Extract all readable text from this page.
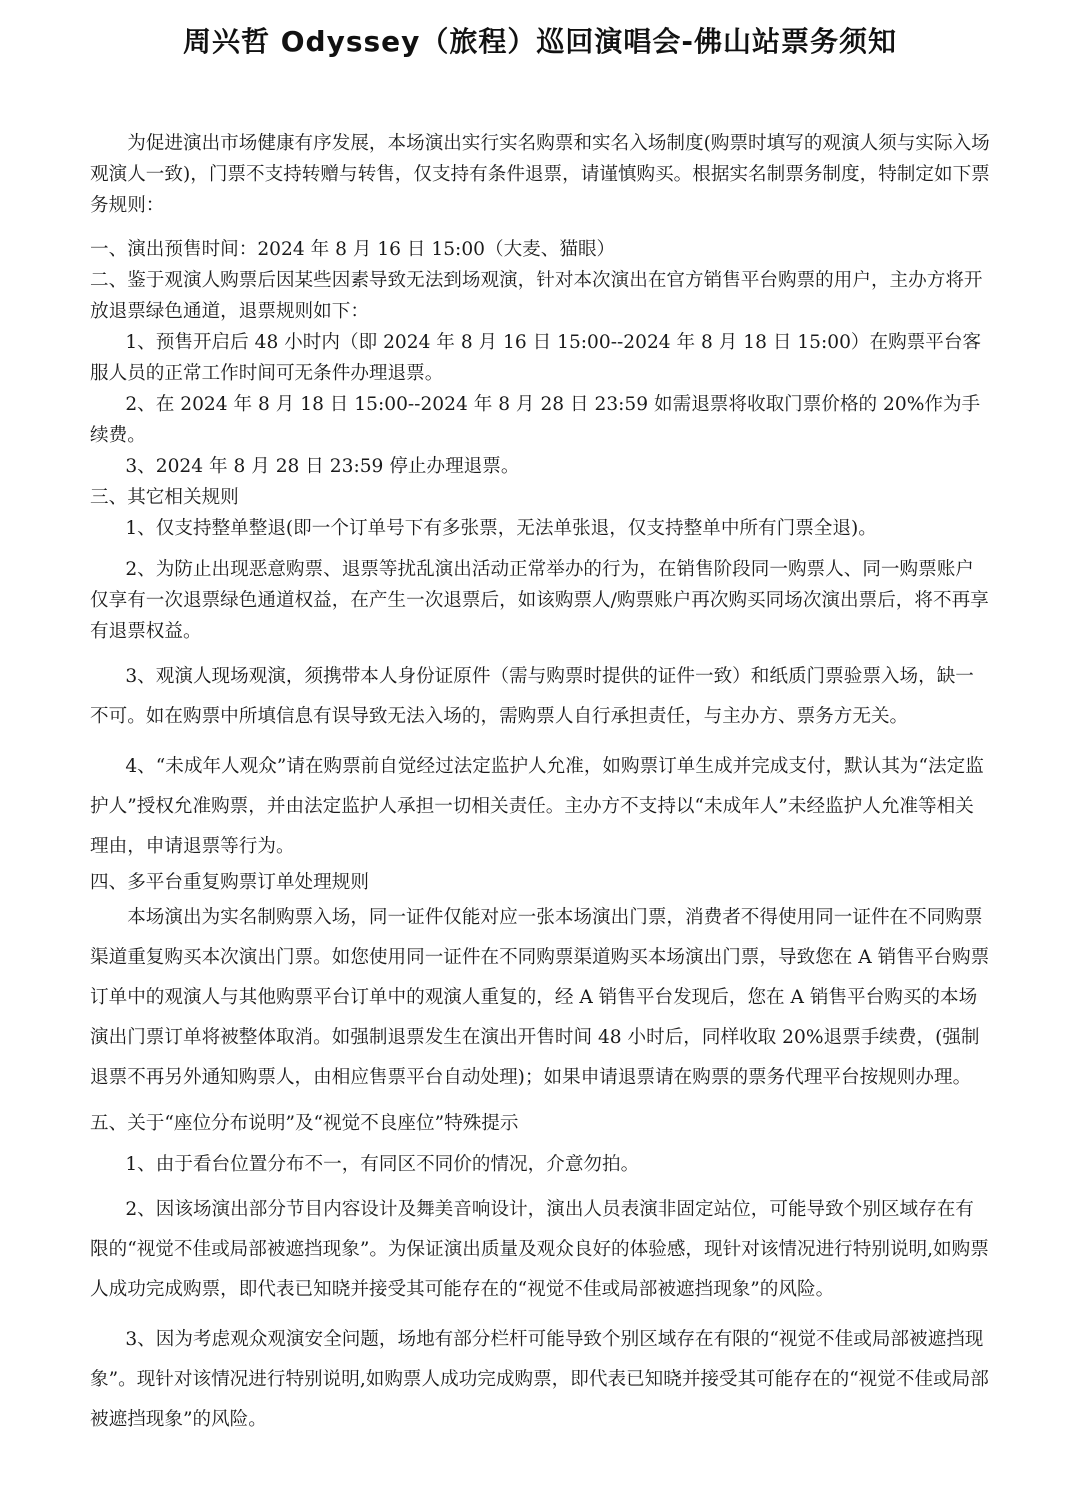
周兴哲 Odyssey（旅程）巡回演唱会-佛山站票务须知

为促进演出市场健康有序发展，本场演出实行实名购票和实名入场制度(购票时填写的观演人须与实际入场观演人一致)，门票不支持转赠与转售，仅支持有条件退票，请谨慎购买。根据实名制票务制度，特制定如下票务规则：

一、演出预售时间：2024 年 8 月 16 日 15:00（大麦、猫眼）

二、鉴于观演人购票后因某些因素导致无法到场观演，针对本次演出在官方销售平台购票的用户，主办方将开放退票绿色通道，退票规则如下：

1、预售开启后 48 小时内（即 2024 年 8 月 16 日 15:00--2024 年 8 月 18 日 15:00）在购票平台客服人员的正常工作时间可无条件办理退票。

2、在 2024 年 8 月 18 日 15:00--2024 年 8 月 28 日 23:59 如需退票将收取门票价格的 20%作为手续费。

3、2024 年 8 月 28 日 23:59 停止办理退票。

三、其它相关规则

1、仅支持整单整退(即一个订单号下有多张票，无法单张退，仅支持整单中所有门票全退)。

2、为防止出现恶意购票、退票等扰乱演出活动正常举办的行为，在销售阶段同一购票人、同一购票账户仅享有一次退票绿色通道权益，在产生一次退票后，如该购票人/购票账户再次购买同场次演出票后，将不再享有退票权益。

3、观演人现场观演，须携带本人身份证原件（需与购票时提供的证件一致）和纸质门票验票入场，缺一不可。如在购票中所填信息有误导致无法入场的，需购票人自行承担责任，与主办方、票务方无关。

4、“未成年人观众”请在购票前自觉经过法定监护人允准，如购票订单生成并完成支付，默认其为“法定监护人”授权允准购票，并由法定监护人承担一切相关责任。主办方不支持以“未成年人”未经监护人允准等相关理由，申请退票等行为。

四、多平台重复购票订单处理规则

本场演出为实名制购票入场，同一证件仅能对应一张本场演出门票，消费者不得使用同一证件在不同购票渠道重复购买本次演出门票。如您使用同一证件在不同购票渠道购买本场演出门票，导致您在 A 销售平台购票订单中的观演人与其他购票平台订单中的观演人重复的，经 A 销售平台发现后，您在 A 销售平台购买的本场演出门票订单将被整体取消。如强制退票发生在演出开售时间 48 小时后，同样收取 20%退票手续费，(强制退票不再另外通知购票人，由相应售票平台自动处理)；如果申请退票请在购票的票务代理平台按规则办理。

五、关于“座位分布说明”及“视觉不良座位”特殊提示

1、由于看台位置分布不一，有同区不同价的情况，介意勿拍。

2、因该场演出部分节目内容设计及舞美音响设计，演出人员表演非固定站位，可能导致个别区域存在有限的“视觉不佳或局部被遮挡现象”。为保证演出质量及观众良好的体验感，现针对该情况进行特别说明,如购票人成功完成购票，即代表已知晓并接受其可能存在的“视觉不佳或局部被遮挡现象”的风险。

3、因为考虑观众观演安全问题，场地有部分栏杆可能导致个别区域存在有限的“视觉不佳或局部被遮挡现象”。现针对该情况进行特别说明,如购票人成功完成购票，即代表已知晓并接受其可能存在的“视觉不佳或局部被遮挡现象”的风险。
